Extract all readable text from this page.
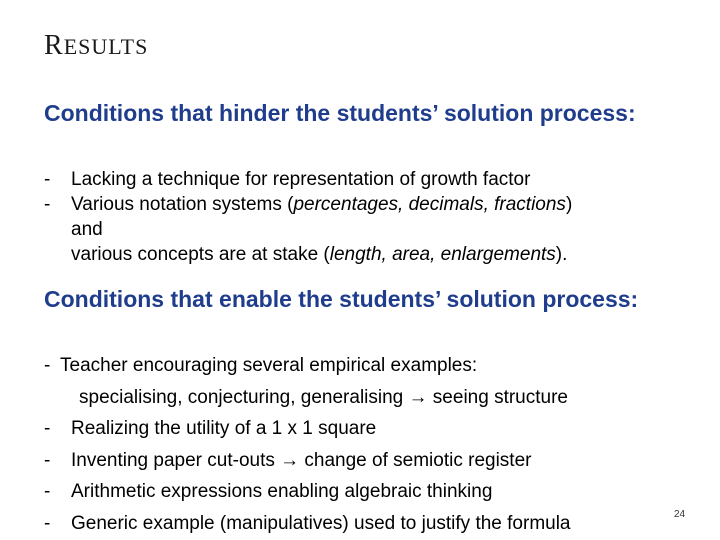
RESULTS
Conditions that hinder the students’ solution process:
- Lacking a technique for representation of growth factor
- Various notation systems (percentages, decimals, fractions)
and
various concepts are at stake (length, area, enlargements).
Conditions that enable the students’ solution process:
- Teacher encouraging several empirical examples:
specialising, conjecturing, generalising → seeing structure
- Realizing the utility of a 1 x 1 square
- Inventing paper cut-outs → change of semiotic register
- Arithmetic expressions enabling algebraic thinking
- Generic example (manipulatives) used to justify the formula	24
